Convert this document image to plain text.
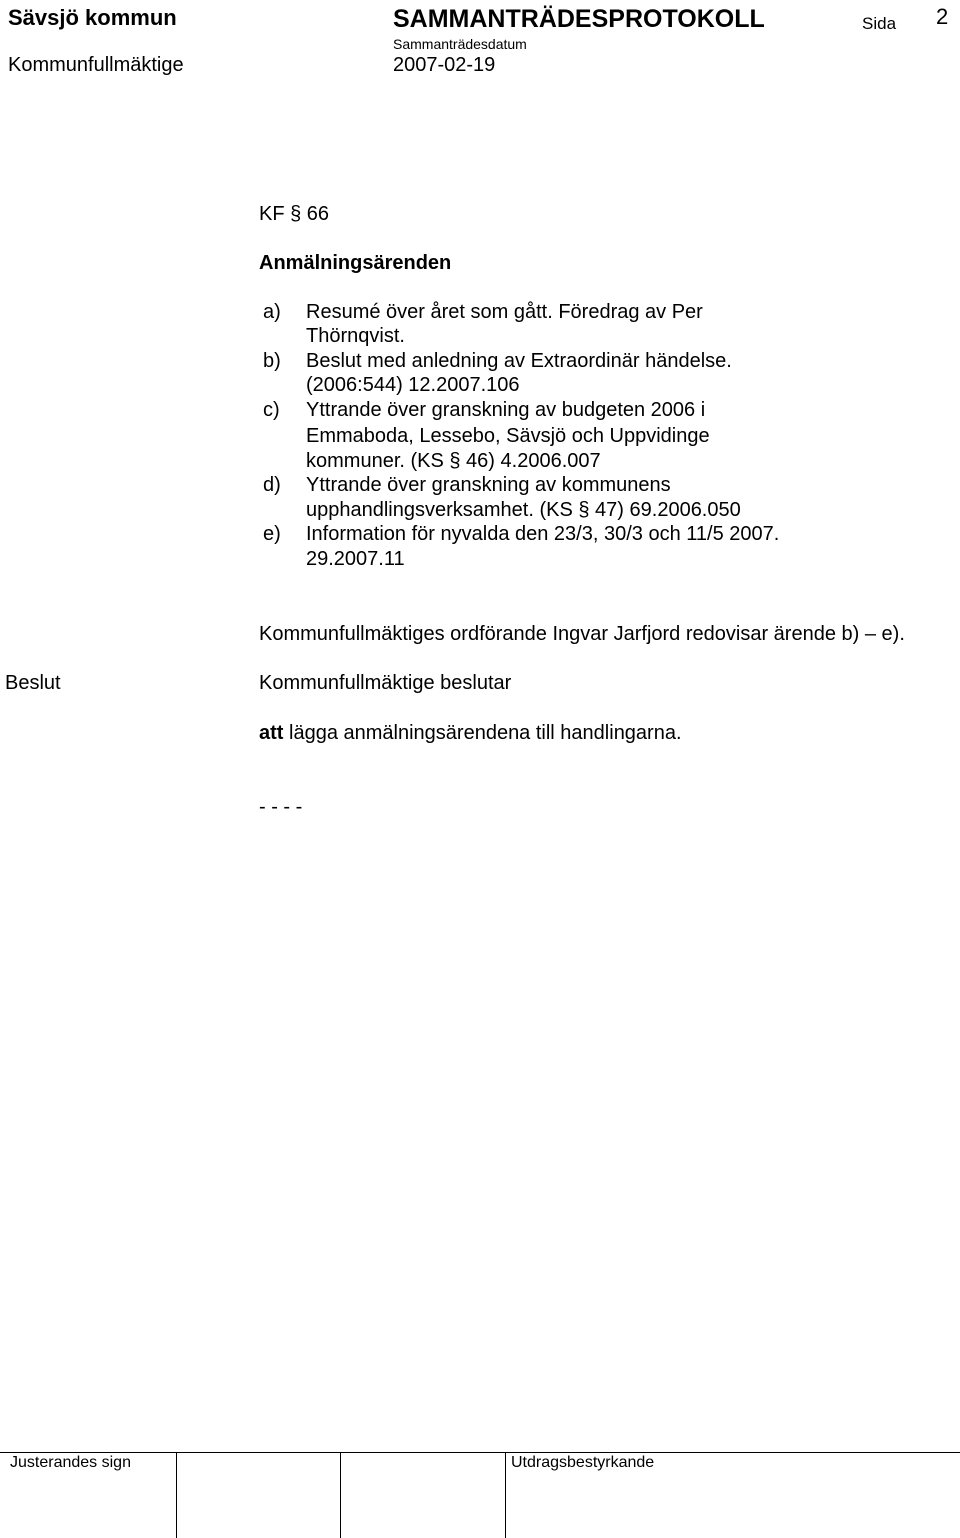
Sävsjö kommun	SAMMANTRÄDESPROTOKOLL	Sida 2
Sammanträdesdatum
Kommunfullmäktige	2007-02-19
KF § 66
Anmälningsärenden
a) Resumé över året som gått. Föredrag av Per
Thörnqvist.
b) Beslut med anledning av Extraordinär händelse.
(2006:544) 12.2007.106
c) Yttrande över granskning av budgeten 2006 i
Emmaboda, Lessebo, Sävsjö och Uppvidinge
kommuner. (KS § 46) 4.2006.007
d) Yttrande över granskning av kommunens
upphandlingsverksamhet. (KS § 47) 69.2006.050
e) Information för nyvalda den 23/3, 30/3 och 11/5 2007.
29.2007.11
Kommunfullmäktiges ordförande Ingvar Jarfjord redovisar ärende b) – e).
Beslut	Kommunfullmäktige beslutar
att lägga anmälningsärendena till handlingarna.
- - - -
Justerandes sign	Utdragsbestyrkande
